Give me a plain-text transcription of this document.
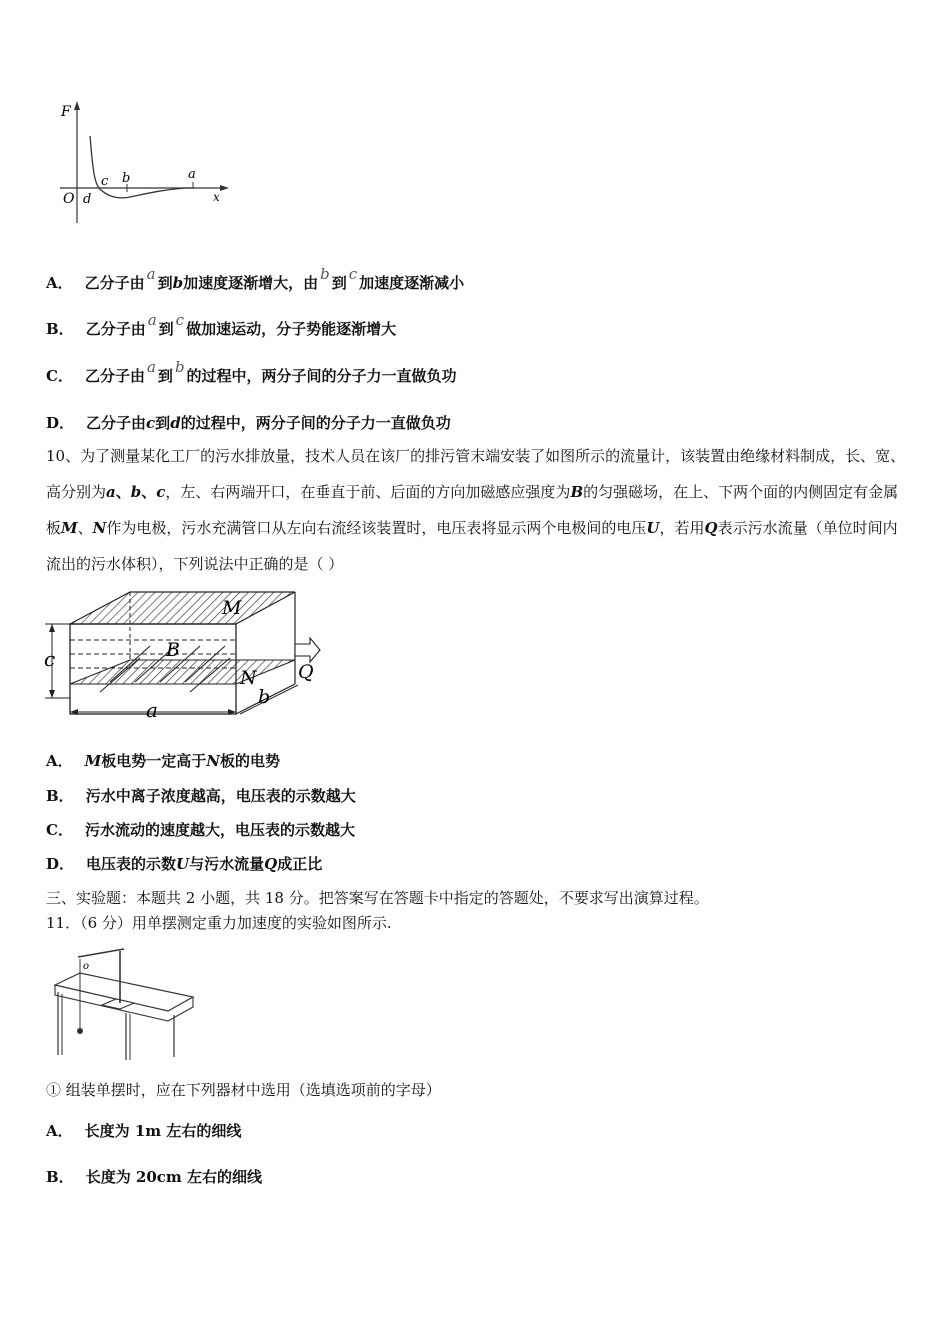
F
x
O
c b	a
d
A． 乙分子由 a 到b加速度逐渐增大，由 b 到 c 加速度逐渐减小
B． 乙分子由 a 到 c 做加速运动，分子势能逐渐增大
C． 乙分子由 a 到 b 的过程中，两分子间的分子力一直做负功
D． 乙分子由c到d的过程中，两分子间的分子力一直做负功
10、为了测量某化工厂的污水排放量，技术人员在该厂的排污管末端安装了如图所示的流量计，该装置由绝缘材料制成，长、宽、高分别为a、b、c，左、右两端开口，在垂直于前、后面的方向加磁感应强度为B的匀强磁场，在上、下两个面的内侧固定有金属板M、N作为电极，污水充满管口从左向右流经该装置时，电压表将显示两个电极间的电压U，若用Q表示污水流量（单位时间内流出的污水体积），下列说法中正确的是（ ）
M
N
B
Q
a
b
c
A． M板电势一定高于N板的电势
B． 污水中离子浓度越高，电压表的示数越大
C． 污水流动的速度越大，电压表的示数越大
D． 电压表的示数U与污水流量Q成正比
三、实验题：本题共 2 小题，共 18 分。把答案写在答题卡中指定的答题处，不要求写出演算过程。
11．（6 分）用单摆测定重力加速度的实验如图所示.
o
① 组装单摆时，应在下列器材中选用（选填选项前的字母）
A． 长度为 1m 左右的细线
B． 长度为 20cm 左右的细线
